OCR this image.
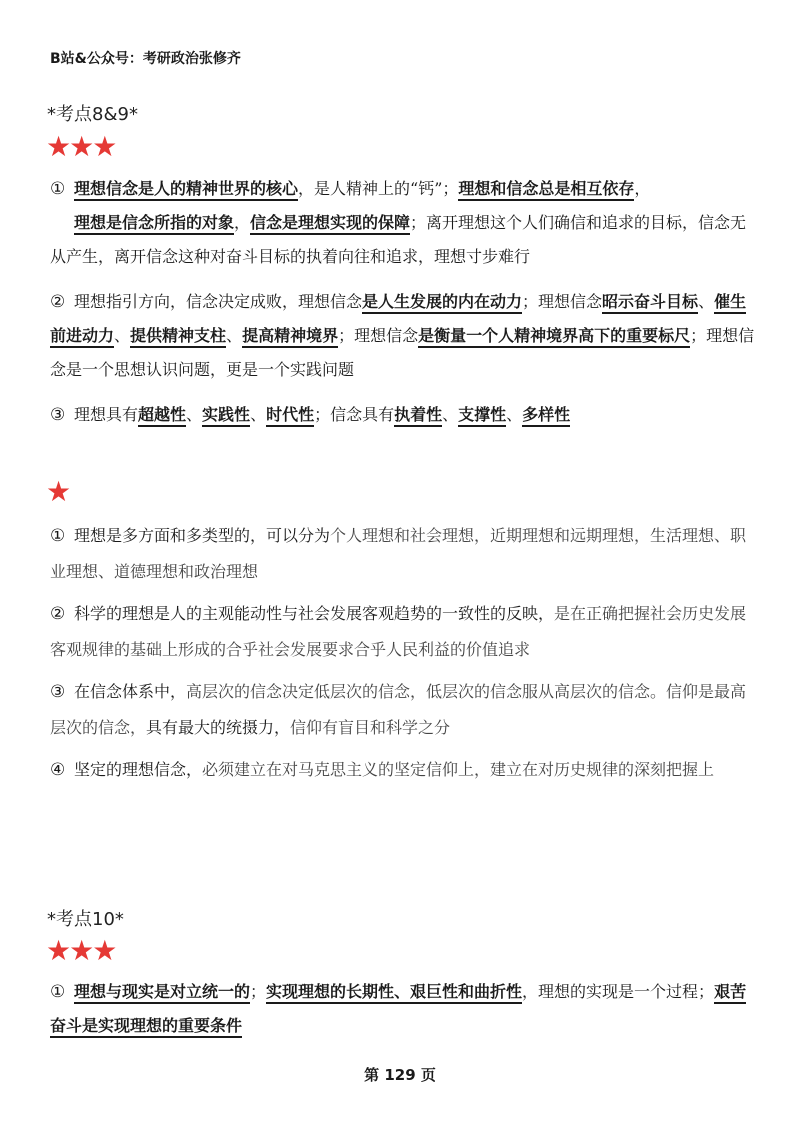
B站&公众号：考研政治张修齐
*考点8&9*
★★★
① 理想信念是人的精神世界的核心，是人精神上的“钙”；理想和信念总是相互依存，
理想是信念所指的对象，信念是理想实现的保障；离开理想这个人们确信和追求的目标，信念无从产生，离开信念这种对奋斗目标的执着向往和追求，理想寸步难行
② 理想指引方向，信念决定成败，理想信念是人生发展的内在动力；理想信念昭示奋斗目标、催生前进动力、提供精神支柱、提高精神境界；理想信念是衡量一个人精神境界高下的重要标尺；理想信念是一个思想认识问题，更是一个实践问题
③ 理想具有超越性、实践性、时代性；信念具有执着性、支撑性、多样性
★
① 理想是多方面和多类型的，可以分为个人理想和社会理想，近期理想和远期理想，生活理想、职业理想、道德理想和政治理想
② 科学的理想是人的主观能动性与社会发展客观趋势的一致性的反映，是在正确把握社会历史发展客观规律的基础上形成的合乎社会发展要求合乎人民利益的价值追求
③ 在信念体系中，高层次的信念决定低层次的信念，低层次的信念服从高层次的信念。信仰是最高层次的信念，具有最大的统摄力，信仰有盲目和科学之分
④ 坚定的理想信念，必须建立在对马克思主义的坚定信仰上，建立在对历史规律的深刻把握上
*考点10*
★★★
① 理想与现实是对立统一的；实现理想的长期性、艰巨性和曲折性，理想的实现是一个过程；艰苦奋斗是实现理想的重要条件
第 129 页
